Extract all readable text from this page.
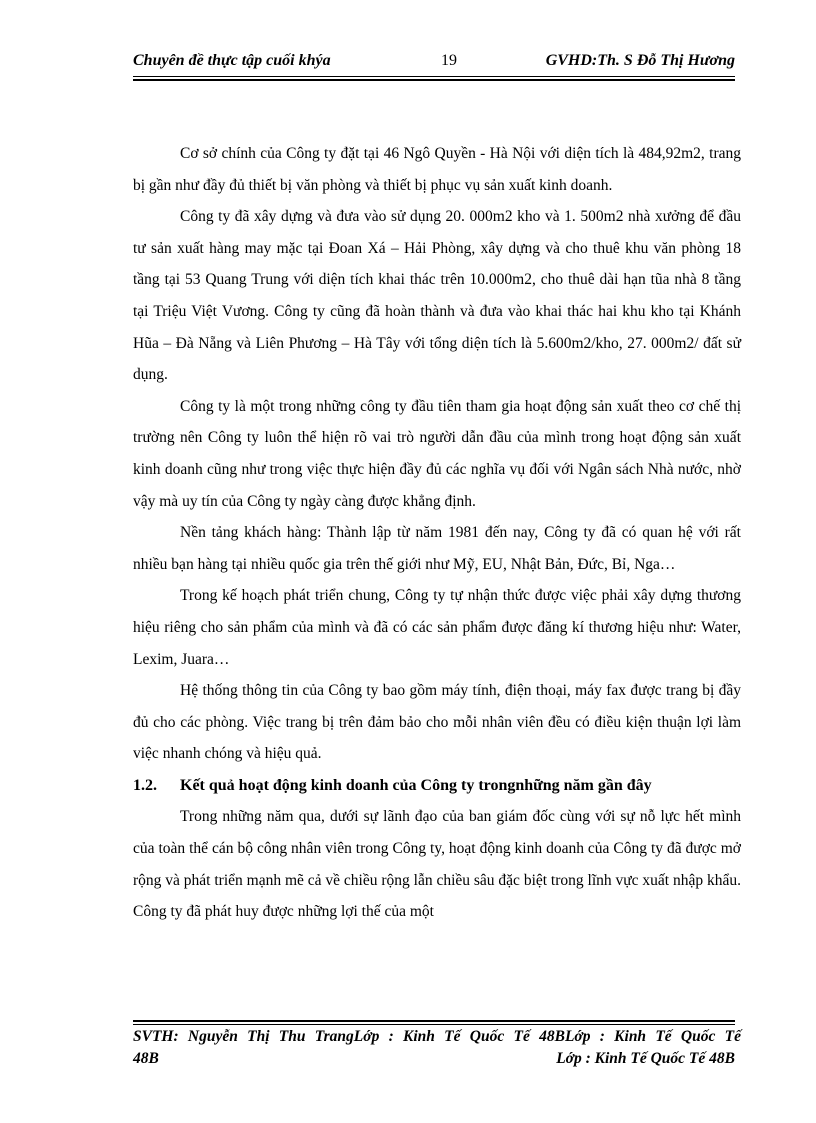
Chuyên đề thực tập cuối khýa	19	GVHD:Th. S Đỗ Thị Hương

Cơ sở chính của Công ty đặt tại 46 Ngô Quyền - Hà Nội với diện tích là 484,92m2, trang bị gần như đầy đủ thiết bị văn phòng và thiết bị phục vụ sản xuất kinh doanh.

Công ty đã xây dựng và đưa vào sử dụng 20. 000m2 kho và 1. 500m2 nhà xưởng để đầu tư sản xuất hàng may mặc tại Đoan Xá – Hải Phòng, xây dựng và cho thuê khu văn phòng 18 tầng tại 53 Quang Trung với diện tích khai thác trên 10.000m2, cho thuê dài hạn tũa nhà 8 tầng tại Triệu Việt Vương. Công ty cũng đã hoàn thành và đưa vào khai thác hai khu kho tại Khánh Hũa – Đà Nẵng và Liên Phương – Hà Tây với tổng diện tích là 5.600m2/kho, 27. 000m2/ đất sử dụng.

Công ty là một trong những công ty đầu tiên tham gia hoạt động sản xuất theo cơ chế thị trường nên Công ty luôn thể hiện rõ vai trò người dẫn đầu của mình trong hoạt động sản xuất kinh doanh cũng như trong việc thực hiện đầy đủ các nghĩa vụ đối với Ngân sách Nhà nước, nhờ vậy mà uy tín của Công ty ngày càng được khẳng định.

Nền tảng khách hàng: Thành lập từ năm 1981 đến nay, Công ty đã có quan hệ với rất nhiều bạn hàng tại nhiều quốc gia trên thế giới như Mỹ, EU, Nhật Bản, Đức, Bỉ, Nga…

Trong kế hoạch phát triển chung, Công ty tự nhận thức được việc phải xây dựng thương hiệu riêng cho sản phẩm của mình và đã có các sản phẩm được đăng kí thương hiệu như: Water, Lexim, Juara…

Hệ thống thông tin của Công ty bao gồm máy tính, điện thoại, máy fax được trang bị đầy đủ cho các phòng. Việc trang bị trên đảm bảo cho mỗi nhân viên đều có điều kiện thuận lợi làm việc nhanh chóng và hiệu quả.

1.2. Kết quả hoạt động kinh doanh của Công ty trongnhững năm gần đây

Trong những năm qua, dưới sự lãnh đạo của ban giám đốc cùng với sự nỗ lực hết mình của toàn thể cán bộ công nhân viên trong Công ty, hoạt động kinh doanh của Công ty đã được mở rộng và phát triển mạnh mẽ cả về chiều rộng lẫn chiều sâu đặc biệt trong lĩnh vực xuất nhập khẩu. Công ty đã phát huy được những lợi thế của một

SVTH: Nguyễn Thị Thu TrangLớp : Kinh Tế Quốc Tế 48BLớp : Kinh Tế Quốc Tế
48B	Lớp : Kinh Tế Quốc Tế 48B
